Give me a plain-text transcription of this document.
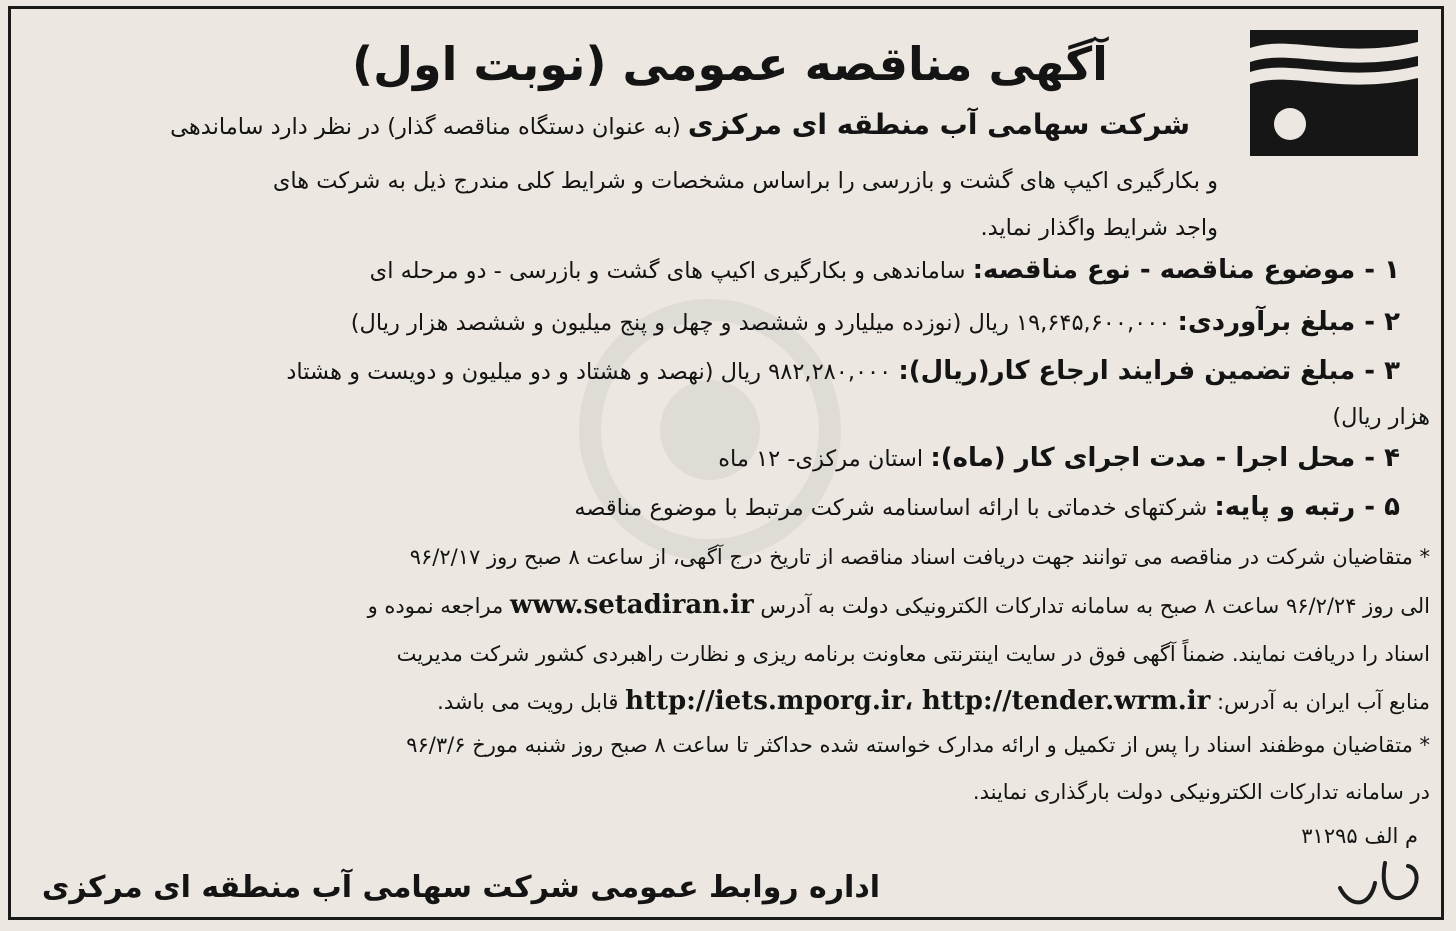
آگهی مناقصه عمومی (نوبت اول)
شرکت سهامی آب منطقه ای مرکزی (به عنوان دستگاه مناقصه گذار) در نظر دارد ساماندهی
و بکارگیری اکیپ های گشت و بازرسی را براساس مشخصات و شرایط کلی مندرج ذیل به شرکت های
واجد شرایط واگذار نماید.
۱ - موضوع مناقصه - نوع مناقصه: ساماندهی و بکارگیری اکیپ های گشت و بازرسی - دو مرحله ای
۲ - مبلغ برآوردی: ۱۹,۶۴۵,۶۰۰,۰۰۰ ریال (نوزده میلیارد و ششصد و چهل و پنج میلیون و ششصد هزار ریال)
۳ - مبلغ تضمین فرایند ارجاع کار(ریال): ۹۸۲,۲۸۰,۰۰۰ ریال (نهصد و هشتاد و دو میلیون و دویست و هشتاد
هزار ریال)
۴ - محل اجرا - مدت اجرای کار (ماه): استان مرکزی- ۱۲ ماه
۵ - رتبه و پایه: شرکتهای خدماتی با ارائه اساسنامه شرکت مرتبط با موضوع مناقصه
* متقاضیان شرکت در مناقصه می توانند جهت دریافت اسناد مناقصه از تاریخ درج آگهی، از ساعت ۸ صبح روز ۹۶/۲/۱۷
الی روز ۹۶/۲/۲۴ ساعت ۸ صبح به سامانه تدارکات الکترونیکی دولت به آدرس www.setadiran.ir مراجعه نموده و
اسناد را دریافت نمایند. ضمناً آگهی فوق در سایت اینترنتی معاونت برنامه ریزی و نظارت راهبردی کشور شرکت مدیریت
منابع آب ایران به آدرس: http://iets.mporg.ir، http://tender.wrm.ir قابل رویت می باشد.
* متقاضیان موظفند اسناد را پس از تکمیل و ارائه مدارک خواسته شده حداکثر تا ساعت ۸ صبح روز شنبه مورخ ۹۶/۳/۶
در سامانه تدارکات الکترونیکی دولت بارگذاری نمایند.
م الف ۳۱۲۹۵
اداره روابط عمومی شرکت سهامی آب منطقه ای مرکزی
